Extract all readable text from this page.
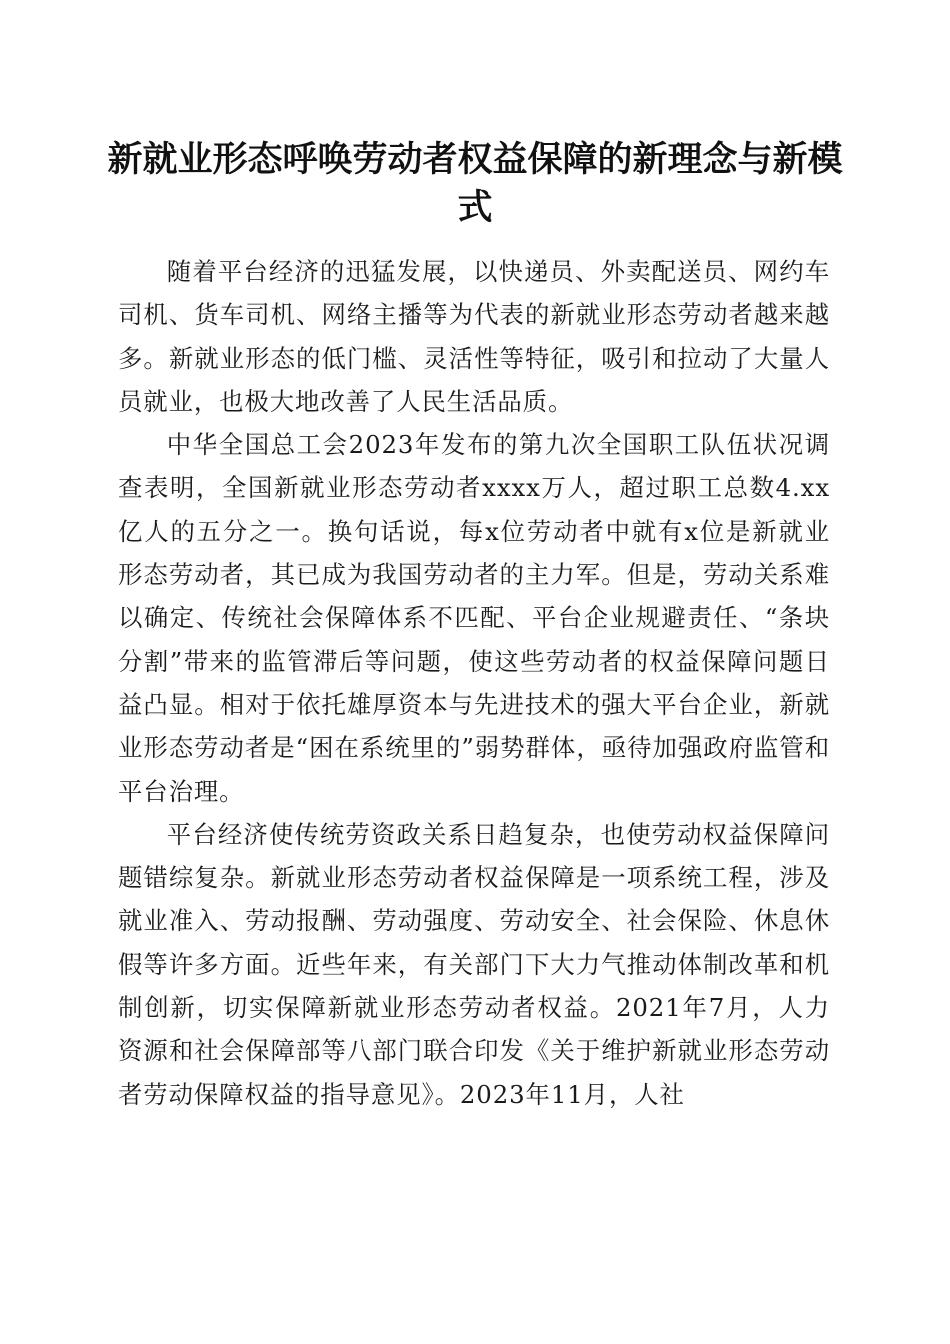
新就业形态呼唤劳动者权益保障的新理念与新模式

随着平台经济的迅猛发展，以快递员、外卖配送员、网约车司机、货车司机、网络主播等为代表的新就业形态劳动者越来越多。新就业形态的低门槛、灵活性等特征，吸引和拉动了大量人员就业，也极大地改善了人民生活品质。

中华全国总工会2023年发布的第九次全国职工队伍状况调查表明，全国新就业形态劳动者xxxx万人，超过职工总数4.xx亿人的五分之一。换句话说，每x位劳动者中就有x位是新就业形态劳动者，其已成为我国劳动者的主力军。但是，劳动关系难以确定、传统社会保障体系不匹配、平台企业规避责任、“条块分割”带来的监管滞后等问题，使这些劳动者的权益保障问题日益凸显。相对于依托雄厚资本与先进技术的强大平台企业，新就业形态劳动者是“困在系统里的”弱势群体，亟待加强政府监管和平台治理。

平台经济使传统劳资政关系日趋复杂，也使劳动权益保障问题错综复杂。新就业形态劳动者权益保障是一项系统工程，涉及就业准入、劳动报酬、劳动强度、劳动安全、社会保险、休息休假等许多方面。近些年来，有关部门下大力气推动体制改革和机制创新，切实保障新就业形态劳动者权益。2021年7月，人力资源和社会保障部等八部门联合印发《关于维护新就业形态劳动者劳动保障权益的指导意见》。2023年11月，人社
